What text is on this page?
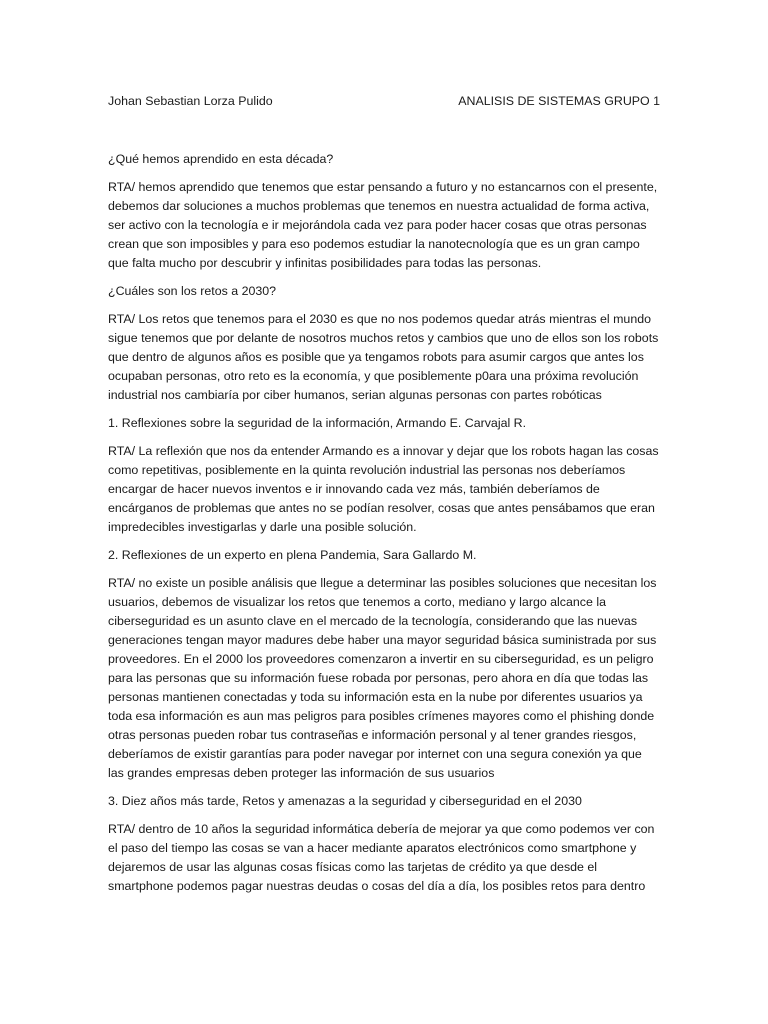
Johan Sebastian Lorza Pulido	ANALISIS DE SISTEMAS GRUPO 1

¿Qué hemos aprendido en esta década?

RTA/ hemos aprendido que tenemos que estar pensando a futuro y no estancarnos con el presente, debemos dar soluciones a muchos problemas que tenemos en nuestra actualidad de forma activa, ser activo con la tecnología e ir mejorándola cada vez para poder hacer cosas que otras personas crean que son imposibles y para eso podemos estudiar la nanotecnología que es un gran campo que falta mucho por descubrir y infinitas posibilidades para todas las personas.

¿Cuáles son los retos a 2030?

RTA/ Los retos que tenemos para el 2030 es que no nos podemos quedar atrás mientras el mundo sigue tenemos que por delante de nosotros muchos retos y cambios que uno de ellos son los robots que dentro de algunos años es posible que ya tengamos robots para asumir cargos que antes los ocupaban personas, otro reto es la economía, y que posiblemente p0ara una próxima revolución industrial nos cambiaría por ciber humanos, serian algunas personas con partes robóticas

1. Reflexiones sobre la seguridad de la información, Armando E. Carvajal R.

RTA/ La reflexión que nos da entender Armando es a innovar y dejar que los robots hagan las cosas como repetitivas, posiblemente en la quinta revolución industrial las personas nos deberíamos encargar de hacer nuevos inventos e ir innovando cada vez más, también deberíamos de encárganos de problemas que antes no se podían resolver, cosas que antes pensábamos que eran impredecibles investigarlas y darle una posible solución.

2. Reflexiones de un experto en plena Pandemia, Sara Gallardo M.

RTA/ no existe un posible análisis que llegue a determinar las posibles soluciones que necesitan los usuarios, debemos de visualizar los retos que tenemos a corto, mediano y largo alcance la ciberseguridad es un asunto clave en el mercado de la tecnología, considerando que las nuevas generaciones tengan mayor madures debe haber una mayor seguridad básica suministrada por sus proveedores. En el 2000 los proveedores comenzaron a invertir en su ciberseguridad, es un peligro para las personas que su información fuese robada por personas, pero ahora en día que todas las personas mantienen conectadas y toda su información esta en la nube por diferentes usuarios ya toda esa información es aun mas peligros para posibles crímenes mayores como el phishing donde otras personas pueden robar tus contraseñas e información personal y al tener grandes riesgos, deberíamos de existir garantías para poder navegar por internet con una segura conexión ya que las grandes empresas deben proteger las información de sus usuarios

3. Diez años más tarde, Retos y amenazas a la seguridad y ciberseguridad en el 2030

RTA/ dentro de 10 años la seguridad informática debería de mejorar ya que como podemos ver con el paso del tiempo las cosas se van a hacer mediante aparatos electrónicos como smartphone y dejaremos de usar las algunas cosas físicas como las tarjetas de crédito ya que desde el smartphone podemos pagar nuestras deudas o cosas del día a día, los posibles retos para dentro
